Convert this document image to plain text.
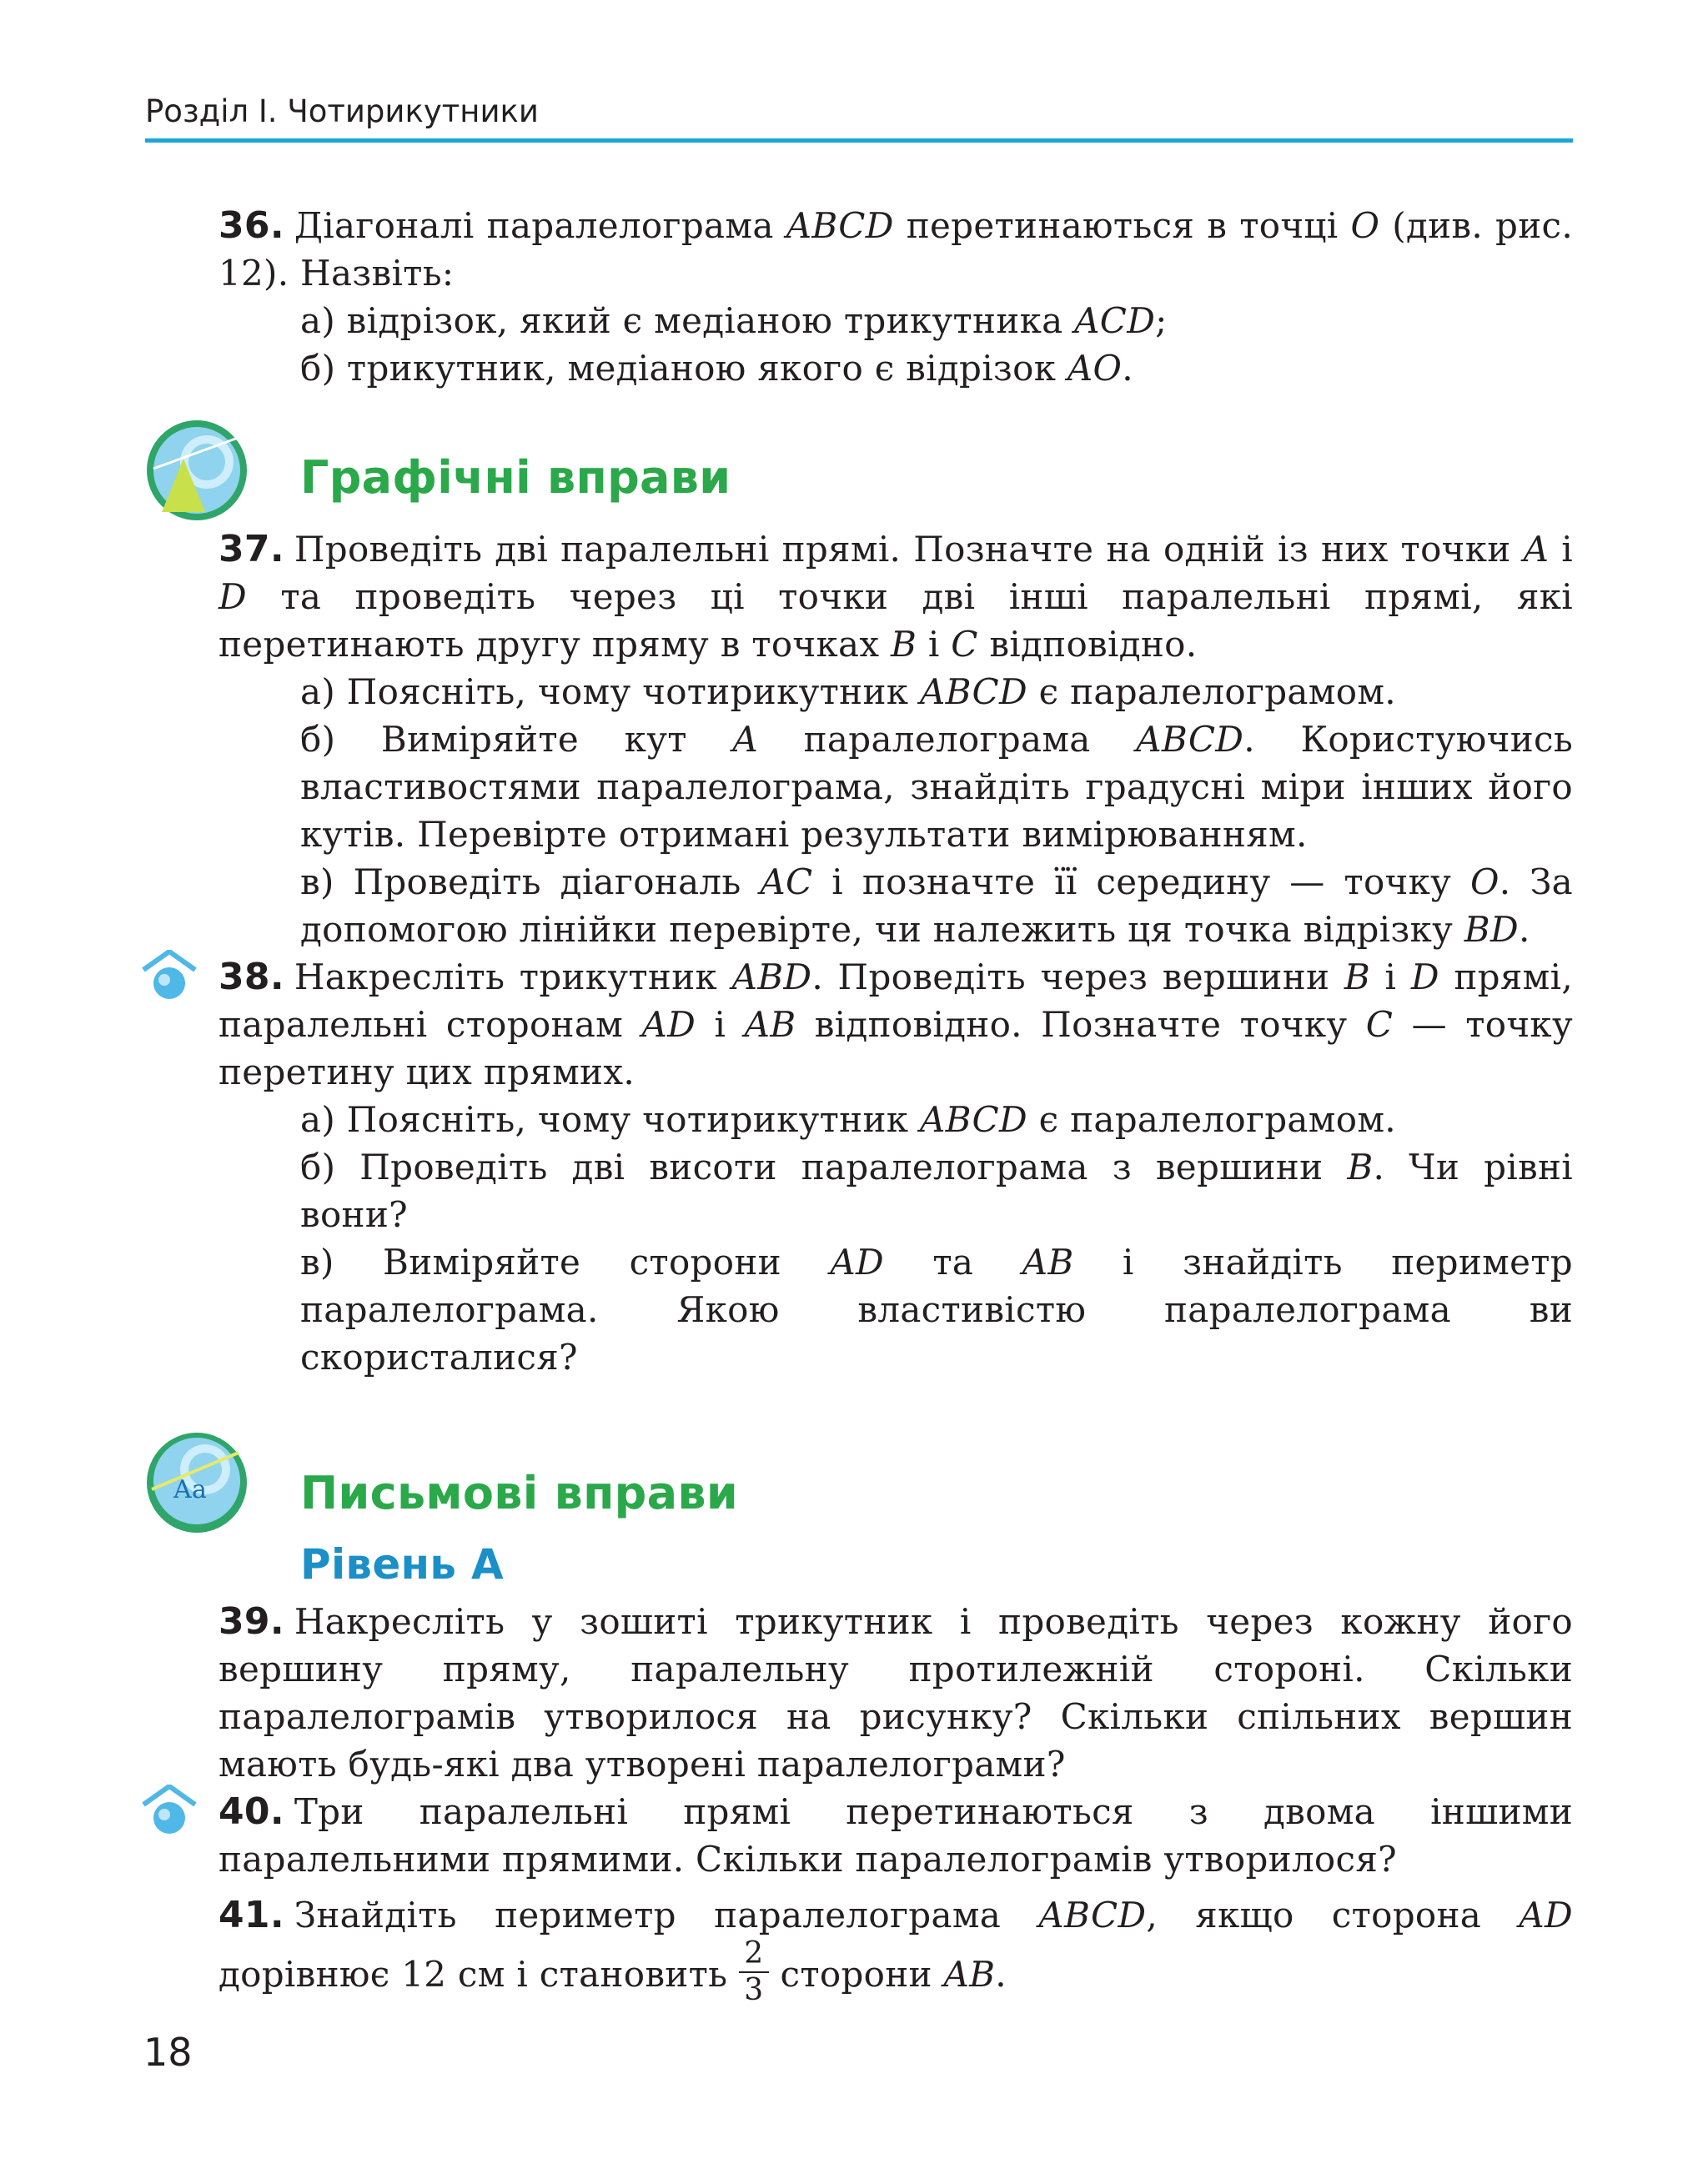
Розділ I. Чотирикутники
36. Діагоналі паралелограма ABCD перетинаються в точці O (див. рис. 12). Назвіть:
а) відрізок, який є медіаною трикутника ACD;
б) трикутник, медіаною якого є відрізок AO.
Графічні вправи
37. Проведіть дві паралельні прямі. Позначте на одній із них точки A і D та проведіть через ці точки дві інші паралельні прямі, які перетинають другу пряму в точках B і C відповідно.
а) Поясніть, чому чотирикутник ABCD є паралелограмом.
б) Виміряйте кут A паралелограма ABCD. Користуючись властивостями паралелограма, знайдіть градусні міри інших його кутів. Перевірте отримані результати вимірюванням.
в) Проведіть діагональ AC і позначте її середину — точку O. За допомогою лінійки перевірте, чи належить ця точка відрізку BD.
38. Накресліть трикутник ABD. Проведіть через вершини B і D прямі, паралельні сторонам AD і AB відповідно. Позначте точку C — точку перетину цих прямих.
а) Поясніть, чому чотирикутник ABCD є паралелограмом.
б) Проведіть дві висоти паралелограма з вершини B. Чи рівні вони?
в) Виміряйте сторони AD та AB і знайдіть периметр паралелограма. Якою властивістю паралелограма ви скористалися?
Aa Письмові вправи
Рівень А
39. Накресліть у зошиті трикутник і проведіть через кожну його вершину пряму, паралельну протилежній стороні. Скільки паралелограмів утворилося на рисунку? Скільки спільних вершин мають будь-які два утворені паралелограми?
40. Три паралельні прямі перетинаються з двома іншими паралельними прямими. Скільки паралелограмів утворилося?
41. Знайдіть периметр паралелограма ABCD, якщо сторона AD дорівнює 12 см і становить $\frac{2}{3}$ сторони AB.
18
